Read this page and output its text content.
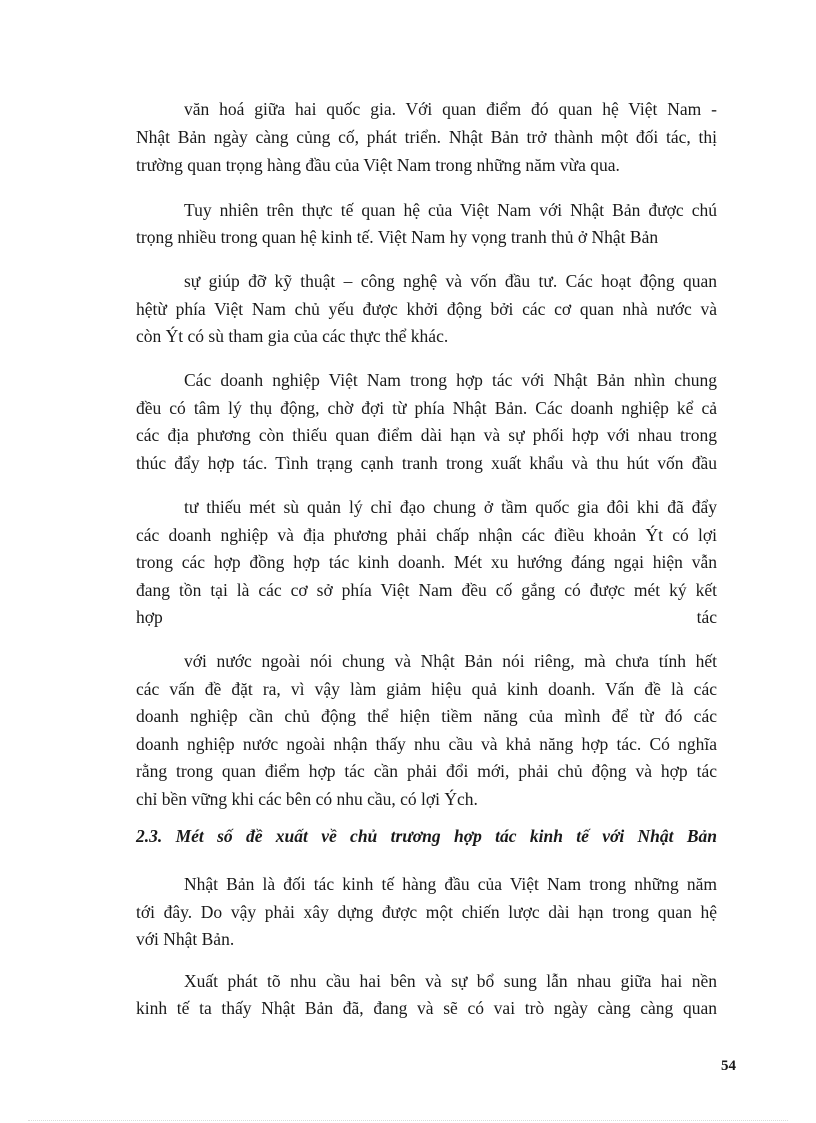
văn hoá giữa hai quốc gia. Với quan điểm đó quan hệ Việt Nam -
Nhật Bản ngày càng củng cố, phát triển. Nhật Bản trở thành một đối tác, thị
trường quan trọng hàng đầu của Việt Nam trong những năm vừa qua.
Tuy nhiên trên thực tế quan hệ của Việt Nam với Nhật Bản được chú
trọng nhiều trong quan hệ kinh tế. Việt Nam hy vọng tranh thủ ở Nhật Bản
sự giúp đỡ kỹ thuật – công nghệ và vốn đầu tư. Các hoạt động quan
hệtừ phía Việt Nam chủ yếu được khởi động bởi các cơ quan nhà nước và
còn Ýt có sù tham gia của các thực thể khác.
Các doanh nghiệp Việt Nam trong hợp tác với Nhật Bản nhìn chung
đều có tâm lý thụ động, chờ đợi từ phía Nhật Bản. Các doanh nghiệp kể cả
các địa phương còn thiếu quan điểm dài hạn và sự phối hợp với nhau trong
thúc đẩy hợp tác. Tình trạng cạnh tranh trong xuất khẩu và thu hút vốn đầu
tư thiếu mét sù quản lý chỉ đạo chung ở tầm quốc gia đôi khi đã đẩy
các doanh nghiệp và địa phương phải chấp nhận các điều khoản Ýt có lợi
trong các hợp đồng hợp tác kinh doanh. Mét xu hướng đáng ngại hiện vẫn
đang tồn tại là các cơ sở phía Việt Nam đều cố gắng có được mét ký kết
hợp	tác
với nước ngoài nói chung và Nhật Bản nói riêng, mà chưa tính hết
các vấn đề đặt ra, vì vậy làm giảm hiệu quả kinh doanh. Vấn đề là các
doanh nghiệp cần chủ động thể hiện tiềm năng của mình để từ đó các
doanh nghiệp nước ngoài nhận thấy nhu cầu và khả năng hợp tác. Có nghĩa
rằng trong quan điểm hợp tác cần phải đổi mới, phải chủ động và hợp tác
chỉ bền vững khi các bên có nhu cầu, có lợi Ých.
2.3. Mét số đề xuất về chủ trương hợp tác kinh tế với Nhật Bản
Nhật Bản là đối tác kinh tế hàng đầu của Việt Nam trong những năm
tới đây. Do vậy phải xây dựng được một chiến lược dài hạn trong quan hệ
với Nhật Bản.
Xuất phát tõ nhu cầu hai bên và sự bổ sung lẫn nhau giữa hai nền
kinh tế ta thấy Nhật Bản đã, đang và sẽ có vai trò ngày càng càng quan
54
